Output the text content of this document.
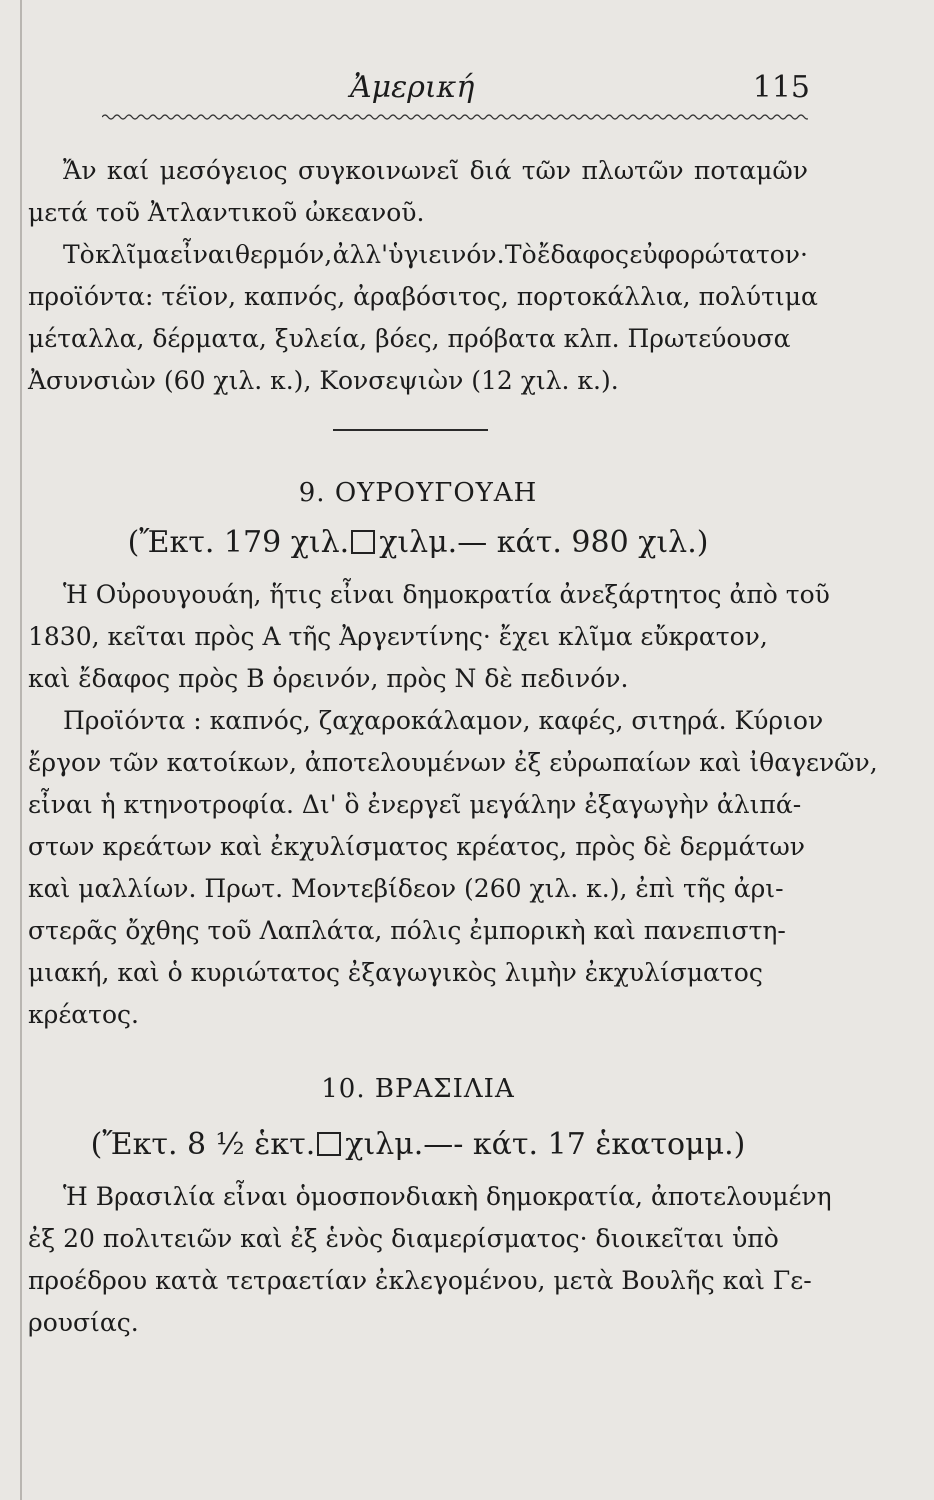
Ἀμερική	115
Ἄν καί μεσόγειος συγκοινωνεῖ διά τῶν πλωτῶν ποταμῶν
μετά τοῦ Ἀτλαντικοῦ ὠκεανοῦ.
Τὸ κλῖμα εἶναι θερμόν, ἀλλ' ὑγιεινόν. Τὸ ἔδαφος εὐφορώτατον·
προϊόντα: τέϊον, καπνός, ἀραβόσιτος, πορτοκάλλια, πολύτιμα
μέταλλα, δέρματα, ξυλεία, βόες, πρόβατα κλπ. Πρωτεύουσα
Ἀσυνσιὼν (60 χιλ. κ.), Κονσεψιὼν (12 χιλ. κ.).
9. ΟΥΡΟΥΓΟΥΑΗ
(Ἔκτ. 179 χιλ. χιλμ.— κάτ. 980 χιλ.)
Ἡ Οὐρουγουάη, ἥτις εἶναι δημοκρατία ἀνεξάρτητος ἀπὸ τοῦ
1830, κεῖται πρὸς Α τῆς Ἀργεντίνης· ἔχει κλῖμα εὔκρατον,
καὶ ἔδαφος πρὸς Β ὀρεινόν, πρὸς Ν δὲ πεδινόν.
Προϊόντα : καπνός, ζαχαροκάλαμον, καφές, σιτηρά. Κύριον
ἔργον τῶν κατοίκων, ἀποτελουμένων ἐξ εὐρωπαίων καὶ ἰθαγενῶν,
εἶναι ἡ κτηνοτροφία. Δι' ὃ ἐνεργεῖ μεγάλην ἐξαγωγὴν ἀλιπά-
στων κρεάτων καὶ ἐκχυλίσματος κρέατος, πρὸς δὲ δερμάτων
καὶ μαλλίων. Πρωτ. Μοντεβίδεον (260 χιλ. κ.), ἐπὶ τῆς ἀρι-
στερᾶς ὄχθης τοῦ Λαπλάτα, πόλις ἐμπορικὴ καὶ πανεπιστη-
μιακή, καὶ ὁ κυριώτατος ἐξαγωγικὸς λιμὴν ἐκχυλίσματος
κρέατος.
10. ΒΡΑΣΙΛΙΑ
(Ἔκτ. 8 ½ ἑκτ. χιλμ.—- κάτ. 17 ἑκατομμ.)
Ἡ Βρασιλία εἶναι ὁμοσπονδιακὴ δημοκρατία, ἀποτελουμένη
ἐξ 20 πολιτειῶν καὶ ἐξ ἑνὸς διαμερίσματος· διοικεῖται ὑπὸ
προέδρου κατὰ τετραετίαν ἐκλεγομένου, μετὰ Βουλῆς καὶ Γε-
ρουσίας.
